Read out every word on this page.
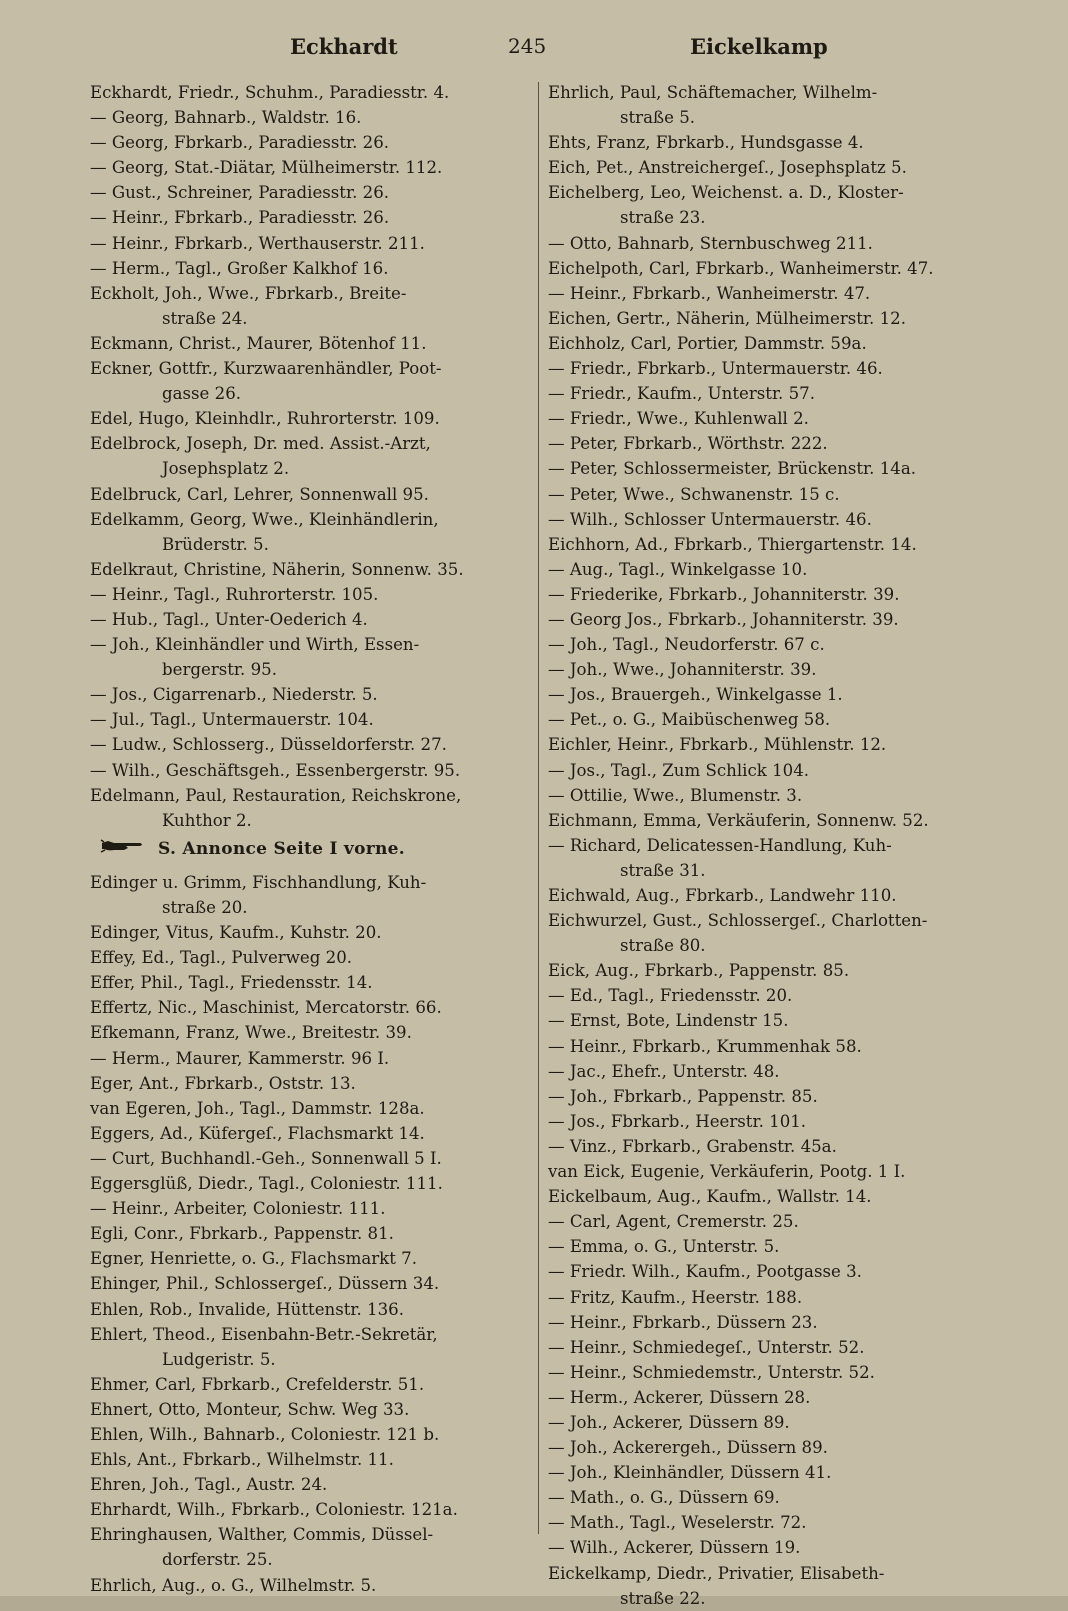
Eckhardt	245	Eickelkamp
Eckhardt, Friedr., Schuhm., Paradiesstr. 4.
— Georg, Bahnarb., Waldstr. 16.
— Georg, Fbrkarb., Paradiesstr. 26.
— Georg, Stat.-Diätar, Mülheimerstr. 112.
— Gust., Schreiner, Paradiesstr. 26.
— Heinr., Fbrkarb., Paradiesstr. 26.
— Heinr., Fbrkarb., Werthauserstr. 211.
— Herm., Tagl., Großer Kalkhof 16.
Eckholt, Joh., Wwe., Fbrkarb., Breite-
straße 24.
Eckmann, Christ., Maurer, Bötenhof 11.
Eckner, Gottfr., Kurzwaarenhändler, Poot-
gasse 26.
Edel, Hugo, Kleinhdlr., Ruhrorterstr. 109.
Edelbrock, Joseph, Dr. med. Assist.-Arzt,
Josephsplatz 2.
Edelbruck, Carl, Lehrer, Sonnenwall 95.
Edelkamm, Georg, Wwe., Kleinhändlerin,
Brüderstr. 5.
Edelkraut, Christine, Näherin, Sonnenw. 35.
— Heinr., Tagl., Ruhrorterstr. 105.
— Hub., Tagl., Unter-Oederich 4.
— Joh., Kleinhändler und Wirth, Essen-
bergerstr. 95.
— Jos., Cigarrenarb., Niederstr. 5.
— Jul., Tagl., Untermauerstr. 104.
— Ludw., Schlosserg., Düsseldorferstr. 27.
— Wilh., Geschäftsgeh., Essenbergerstr. 95.
Edelmann, Paul, Restauration, Reichskrone,
Kuhthor 2.
S. Annonce Seite I vorne.
Edinger u. Grimm, Fischhandlung, Kuh-
straße 20.
Edinger, Vitus, Kaufm., Kuhstr. 20.
Effey, Ed., Tagl., Pulverweg 20.
Effer, Phil., Tagl., Friedensstr. 14.
Effertz, Nic., Maschinist, Mercatorstr. 66.
Efkemann, Franz, Wwe., Breitestr. 39.
— Herm., Maurer, Kammerstr. 96 I.
Eger, Ant., Fbrkarb., Oststr. 13.
van Egeren, Joh., Tagl., Dammstr. 128a.
Eggers, Ad., Küfergeſ., Flachsmarkt 14.
— Curt, Buchhandl.-Geh., Sonnenwall 5 I.
Eggersglüß, Diedr., Tagl., Coloniestr. 111.
— Heinr., Arbeiter, Coloniestr. 111.
Egli, Conr., Fbrkarb., Pappenstr. 81.
Egner, Henriette, o. G., Flachsmarkt 7.
Ehinger, Phil., Schlossergeſ., Düssern 34.
Ehlen, Rob., Invalide, Hüttenstr. 136.
Ehlert, Theod., Eisenbahn-Betr.-Sekretär,
Ludgeristr. 5.
Ehmer, Carl, Fbrkarb., Crefelderstr. 51.
Ehnert, Otto, Monteur, Schw. Weg 33.
Ehlen, Wilh., Bahnarb., Coloniestr. 121 b.
Ehls, Ant., Fbrkarb., Wilhelmstr. 11.
Ehren, Joh., Tagl., Austr. 24.
Ehrhardt, Wilh., Fbrkarb., Coloniestr. 121a.
Ehringhausen, Walther, Commis, Düssel-
dorferstr. 25.
Ehrlich, Aug., o. G., Wilhelmstr. 5.
Ehrlich, Paul, Schäftemacher, Wilhelm-
straße 5.
Ehts, Franz, Fbrkarb., Hundsgasse 4.
Eich, Pet., Anstreichergeſ., Josephsplatz 5.
Eichelberg, Leo, Weichenst. a. D., Kloster-
straße 23.
— Otto, Bahnarb, Sternbuschweg 211.
Eichelpoth, Carl, Fbrkarb., Wanheimerstr. 47.
— Heinr., Fbrkarb., Wanheimerstr. 47.
Eichen, Gertr., Näherin, Mülheimerstr. 12.
Eichholz, Carl, Portier, Dammstr. 59a.
— Friedr., Fbrkarb., Untermauerstr. 46.
— Friedr., Kaufm., Unterstr. 57.
— Friedr., Wwe., Kuhlenwall 2.
— Peter, Fbrkarb., Wörthstr. 222.
— Peter, Schlossermeister, Brückenstr. 14a.
— Peter, Wwe., Schwanenstr. 15 c.
— Wilh., Schlosser Untermauerstr. 46.
Eichhorn, Ad., Fbrkarb., Thiergartenstr. 14.
— Aug., Tagl., Winkelgasse 10.
— Friederike, Fbrkarb., Johanniterstr. 39.
— Georg Jos., Fbrkarb., Johanniterstr. 39.
— Joh., Tagl., Neudorferstr. 67 c.
— Joh., Wwe., Johanniterstr. 39.
— Jos., Brauergeh., Winkelgasse 1.
— Pet., o. G., Maibüschenweg 58.
Eichler, Heinr., Fbrkarb., Mühlenstr. 12.
— Jos., Tagl., Zum Schlick 104.
— Ottilie, Wwe., Blumenstr. 3.
Eichmann, Emma, Verkäuferin, Sonnenw. 52.
— Richard, Delicatessen-Handlung, Kuh-
straße 31.
Eichwald, Aug., Fbrkarb., Landwehr 110.
Eichwurzel, Gust., Schlossergeſ., Charlotten-
straße 80.
Eick, Aug., Fbrkarb., Pappenstr. 85.
— Ed., Tagl., Friedensstr. 20.
— Ernst, Bote, Lindenstr 15.
— Heinr., Fbrkarb., Krummenhak 58.
— Jac., Ehefr., Unterstr. 48.
— Joh., Fbrkarb., Pappenstr. 85.
— Jos., Fbrkarb., Heerstr. 101.
— Vinz., Fbrkarb., Grabenstr. 45a.
van Eick, Eugenie, Verkäuferin, Pootg. 1 I.
Eickelbaum, Aug., Kaufm., Wallstr. 14.
— Carl, Agent, Cremerstr. 25.
— Emma, o. G., Unterstr. 5.
— Friedr. Wilh., Kaufm., Pootgasse 3.
— Fritz, Kaufm., Heerstr. 188.
— Heinr., Fbrkarb., Düssern 23.
— Heinr., Schmiedegeſ., Unterstr. 52.
— Heinr., Schmiedemstr., Unterstr. 52.
— Herm., Ackerer, Düssern 28.
— Joh., Ackerer, Düssern 89.
— Joh., Ackerergeh., Düssern 89.
— Joh., Kleinhändler, Düssern 41.
— Math., o. G., Düssern 69.
— Math., Tagl., Weselerstr. 72.
— Wilh., Ackerer, Düssern 19.
Eickelkamp, Diedr., Privatier, Elisabeth-
straße 22.
